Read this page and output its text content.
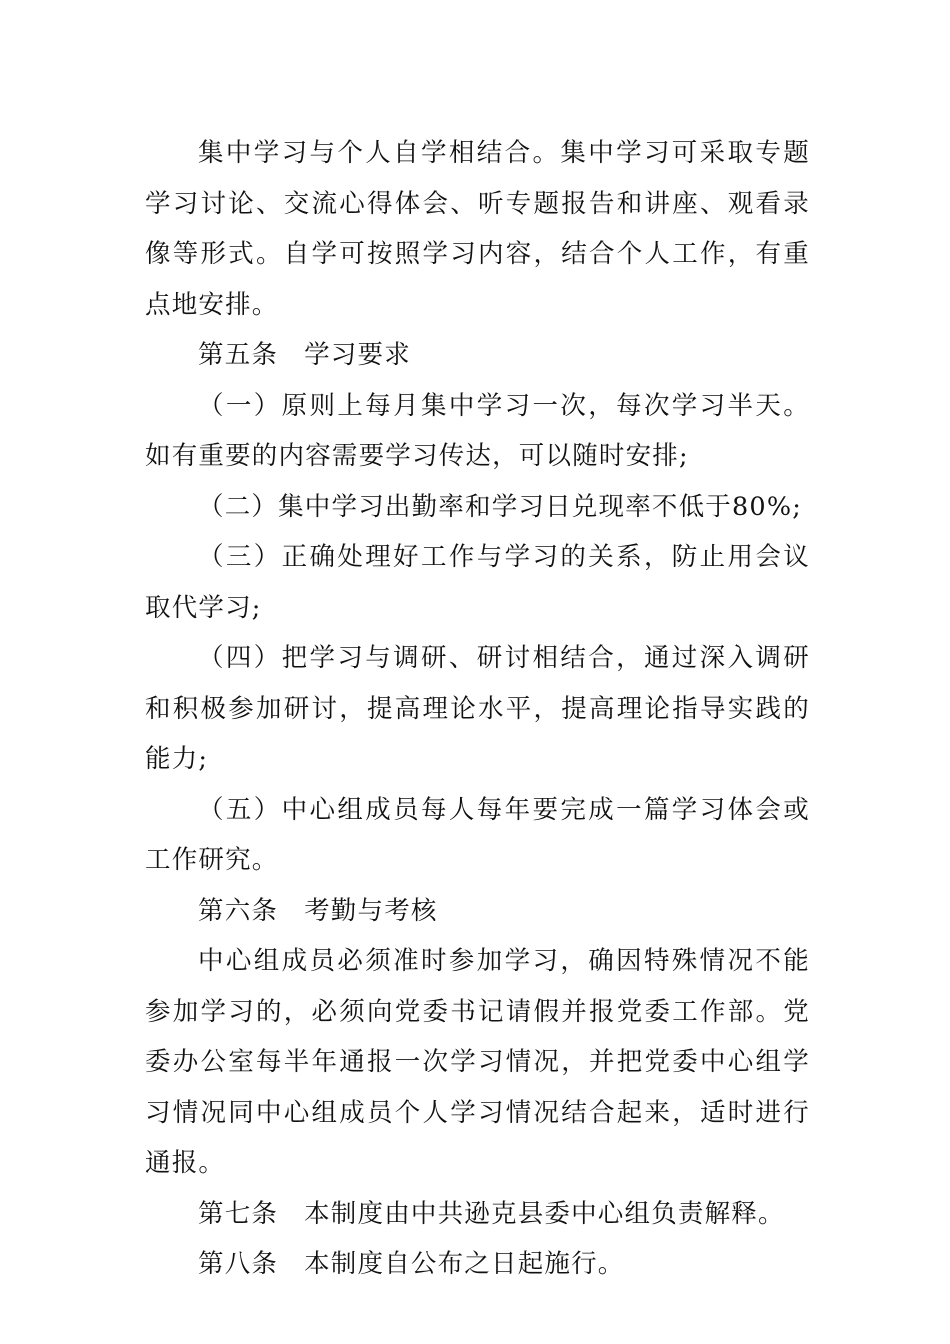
集中学习与个人自学相结合。集中学习可采取专题学习讨论、交流心得体会、听专题报告和讲座、观看录像等形式。自学可按照学习内容，结合个人工作，有重点地安排。

第五条 学习要求

（一）原则上每月集中学习一次，每次学习半天。如有重要的内容需要学习传达，可以随时安排;

（二）集中学习出勤率和学习日兑现率不低于80%;

（三）正确处理好工作与学习的关系，防止用会议取代学习;

（四）把学习与调研、研讨相结合，通过深入调研和积极参加研讨，提高理论水平，提高理论指导实践的能力;

（五）中心组成员每人每年要完成一篇学习体会或工作研究。

第六条 考勤与考核

中心组成员必须准时参加学习，确因特殊情况不能参加学习的，必须向党委书记请假并报党委工作部。党委办公室每半年通报一次学习情况，并把党委中心组学习情况同中心组成员个人学习情况结合起来，适时进行通报。

第七条 本制度由中共逊克县委中心组负责解释。

第八条 本制度自公布之日起施行。
